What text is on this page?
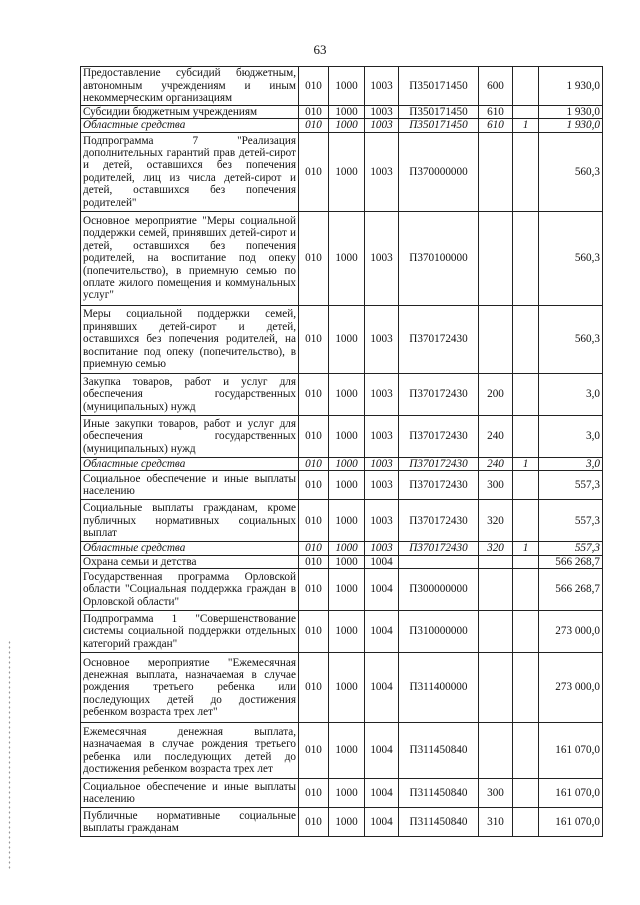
63
Предоставление субсидий бюджетным, автономным учреждениям и иным некоммерческим организациям	010	1000	1003	П350171450	600		1 930,0
Субсидии бюджетным учреждениям	010	1000	1003	П350171450	610		1 930,0
Областные средства	010	1000	1003	П350171450	610	1	1 930,0
Подпрограмма 7 "Реализация дополнительных гарантий прав детей-сирот и детей, оставшихся без попечения родителей, лиц из числа детей-сирот и детей, оставшихся без попечения родителей"	010	1000	1003	П370000000			560,3
Основное мероприятие "Меры социальной поддержки семей, принявших детей-сирот и детей, оставшихся без попечения родителей, на воспитание под опеку (попечительство), в приемную семью по оплате жилого помещения и коммунальных услуг"	010	1000	1003	П370100000			560,3
Меры социальной поддержки семей, принявших детей-сирот и детей, оставшихся без попечения родителей, на воспитание под опеку (попечительство), в приемную семью	010	1000	1003	П370172430			560,3
Закупка товаров, работ и услуг для обеспечения государственных (муниципальных) нужд	010	1000	1003	П370172430	200		3,0
Иные закупки товаров, работ и услуг для обеспечения государственных (муниципальных) нужд	010	1000	1003	П370172430	240		3,0
Областные средства	010	1000	1003	П370172430	240	1	3,0
Социальное обеспечение и иные выплаты населению	010	1000	1003	П370172430	300		557,3
Социальные выплаты гражданам, кроме публичных нормативных социальных выплат	010	1000	1003	П370172430	320		557,3
Областные средства	010	1000	1003	П370172430	320	1	557,3
Охрана семьи и детства	010	1000	1004				566 268,7
Государственная программа Орловской области "Социальная поддержка граждан в Орловской области"	010	1000	1004	П300000000			566 268,7
Подпрограмма 1 "Совершенствование системы социальной поддержки отдельных категорий граждан"	010	1000	1004	П310000000			273 000,0
Основное мероприятие "Ежемесячная денежная выплата, назначаемая в случае рождения третьего ребенка или последующих детей до достижения ребенком возраста трех лет"	010	1000	1004	П311400000			273 000,0
Ежемесячная денежная выплата, назначаемая в случае рождения третьего ребенка или последующих детей до достижения ребенком возраста трех лет	010	1000	1004	П311450840			161 070,0
Социальное обеспечение и иные выплаты населению	010	1000	1004	П311450840	300		161 070,0
Публичные нормативные социальные выплаты гражданам	010	1000	1004	П311450840	310		161 070,0
